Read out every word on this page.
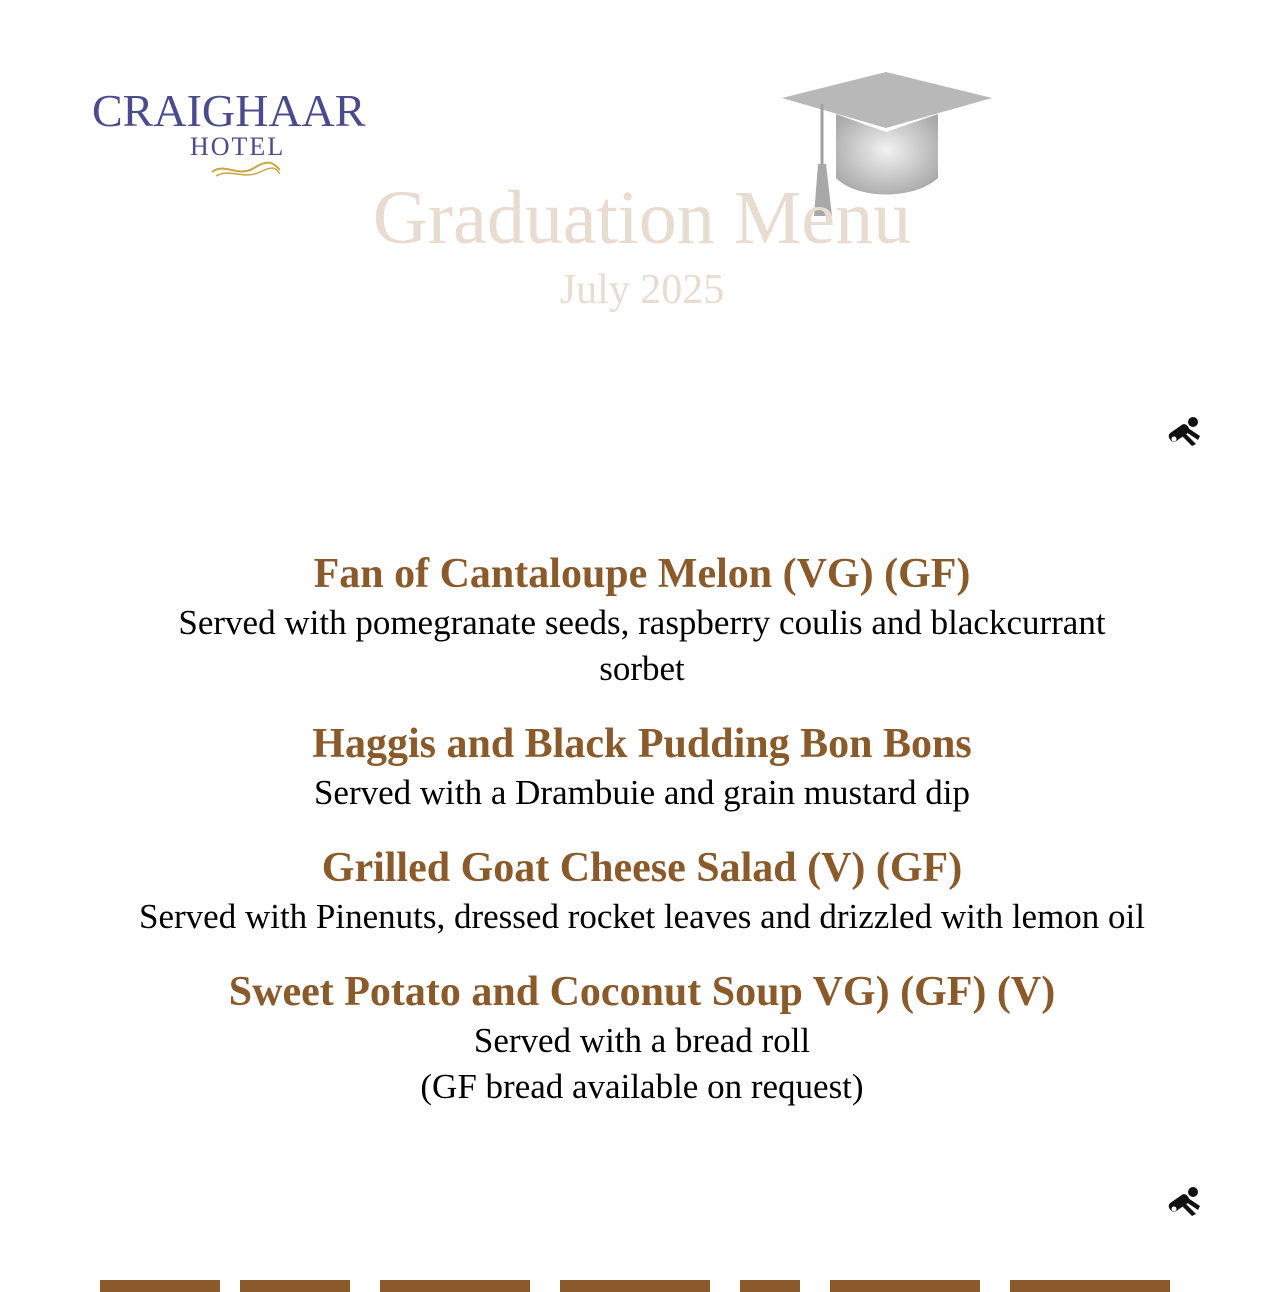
CRAIGHAAR
HOTEL
Graduation Menu
July 2025
Fan of Cantaloupe Melon (VG) (GF)

Served with pomegranate seeds, raspberry coulis and blackcurrant
sorbet

Haggis and Black Pudding Bon Bons

Served with a Drambuie and grain mustard dip

Grilled Goat Cheese Salad (V) (GF)

Served with Pinenuts, dressed rocket leaves and drizzled with lemon oil

Sweet Potato and Coconut Soup VG) (GF) (V)

Served with a bread roll
(GF bread available on request)
